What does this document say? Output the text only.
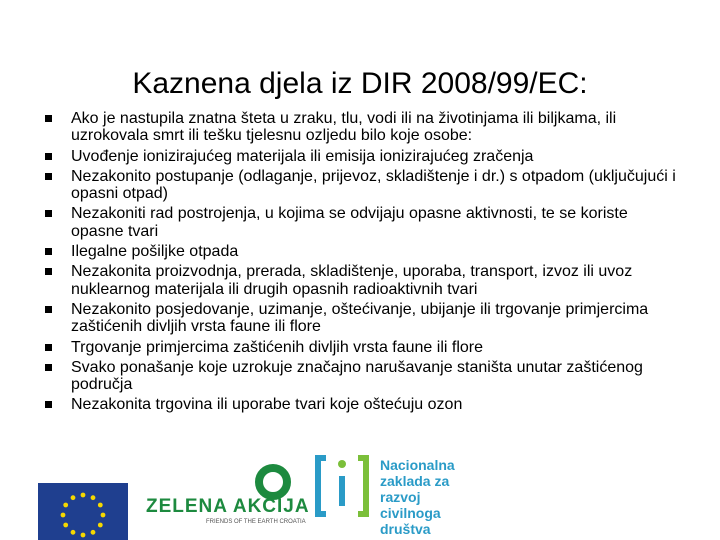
Kaznena djela iz DIR 2008/99/EC:
Ako je nastupila znatna šteta u zraku, tlu, vodi ili na životinjama ili biljkama, ili uzrokovala smrt ili tešku tjelesnu ozljedu bilo koje osobe:
Uvođenje ionizirajućeg materijala ili emisija ionizirajućeg zračenja
Nezakonito postupanje (odlaganje, prijevoz, skladištenje i dr.) s otpadom (uključujući i opasni otpad)
Nezakoniti rad postrojenja, u kojima se odvijaju opasne aktivnosti, te se koriste opasne tvari
Ilegalne pošiljke otpada
Nezakonita proizvodnja, prerada, skladištenje, uporaba, transport, izvoz ili uvoz nuklearnog materijala ili drugih opasnih radioaktivnih tvari
Nezakonito posjedovanje, uzimanje, oštećivanje, ubijanje ili trgovanje primjercima zaštićenih divljih vrsta faune ili flore
Trgovanje primjercima zaštićenih divljih vrsta faune ili flore
Svako ponašanje koje uzrokuje značajno narušavanje staništa unutar zaštićenog područja
Nezakonita trgovina ili uporabe tvari koje oštećuju ozon
ZELENA AKCIJA
FRIENDS OF THE EARTH CROATIA
Nacionalna
zaklada za
razvoj
civilnoga
društva
